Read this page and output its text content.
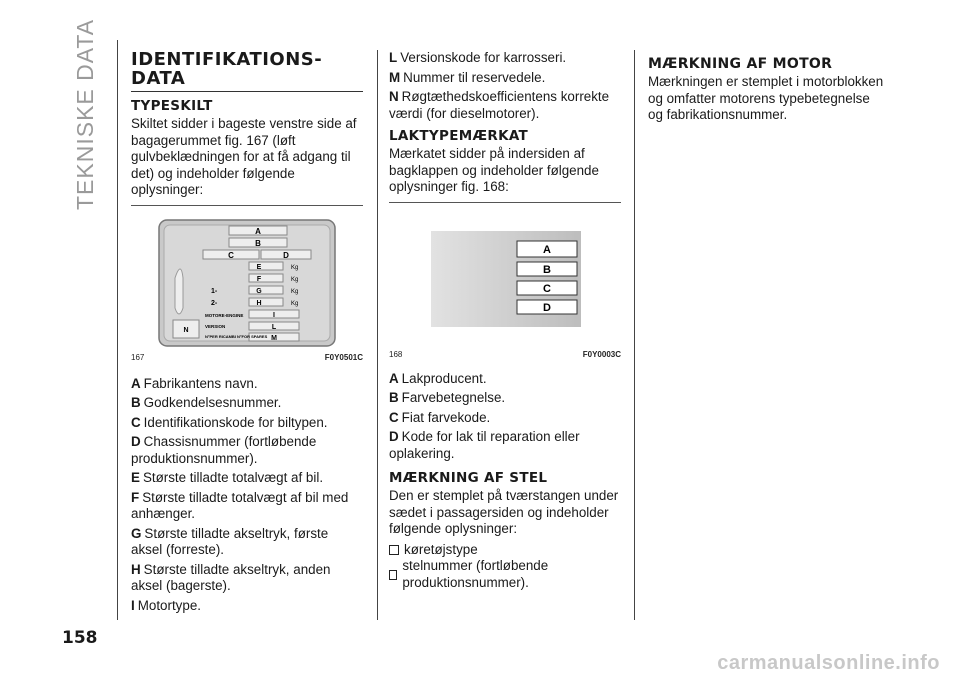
TEKNISKE DATA IDENTIFIKATIONS-DATA
TYPESKILT

Skiltet sidder i bageste venstre side af bagagerummet fig. 167 (løft gulvbeklædningen for at få adgang til det) og indeholder følgende oplysninger:

A
B
C	D
E
F
G
H
I
L
M
N
Kg
Kg
Kg
Kg
1-
2-
MOTORE-ENGINE
VERSION
N°PER RICAMBI N°FOR SPARES
167	F0Y0501C
A Fabrikantens navn.
B Godkendelsesnummer.
C Identifikationskode for biltypen.
D Chassisnummer (fortløbende produktionsnummer).
E Største tilladte totalvægt af bil.
F Største tilladte totalvægt af bil med anhænger.
G Største tilladte akseltryk, første aksel (forreste).
H Største tilladte akseltryk, anden aksel (bagerste).
I Motortype.
L Versionskode for karrosseri.
M Nummer til reservedele.
N Røgtæthedskoefficientens korrekte værdi (for dieselmotorer).
LAKTYPEMÆRKAT

Mærkatet sidder på indersiden af bagklappen og indeholder følgende oplysninger fig. 168:

A
B
C
D
168	F0Y0003C
A Lakproducent.
B Farvebetegnelse.
C Fiat farvekode.
D Kode for lak til reparation eller oplakering.
MÆRKNING AF STEL

Den er stemplet på tværstangen under sædet i passagersiden og indeholder følgende oplysninger:

køretøjstype
stelnummer (fortløbende produktionsnummer).
MÆRKNING AF MOTOR

Mærkningen er stemplet i motorblokken og omfatter motorens typebetegnelse og fabrikationsnummer.

158
carmanualsonline.info
